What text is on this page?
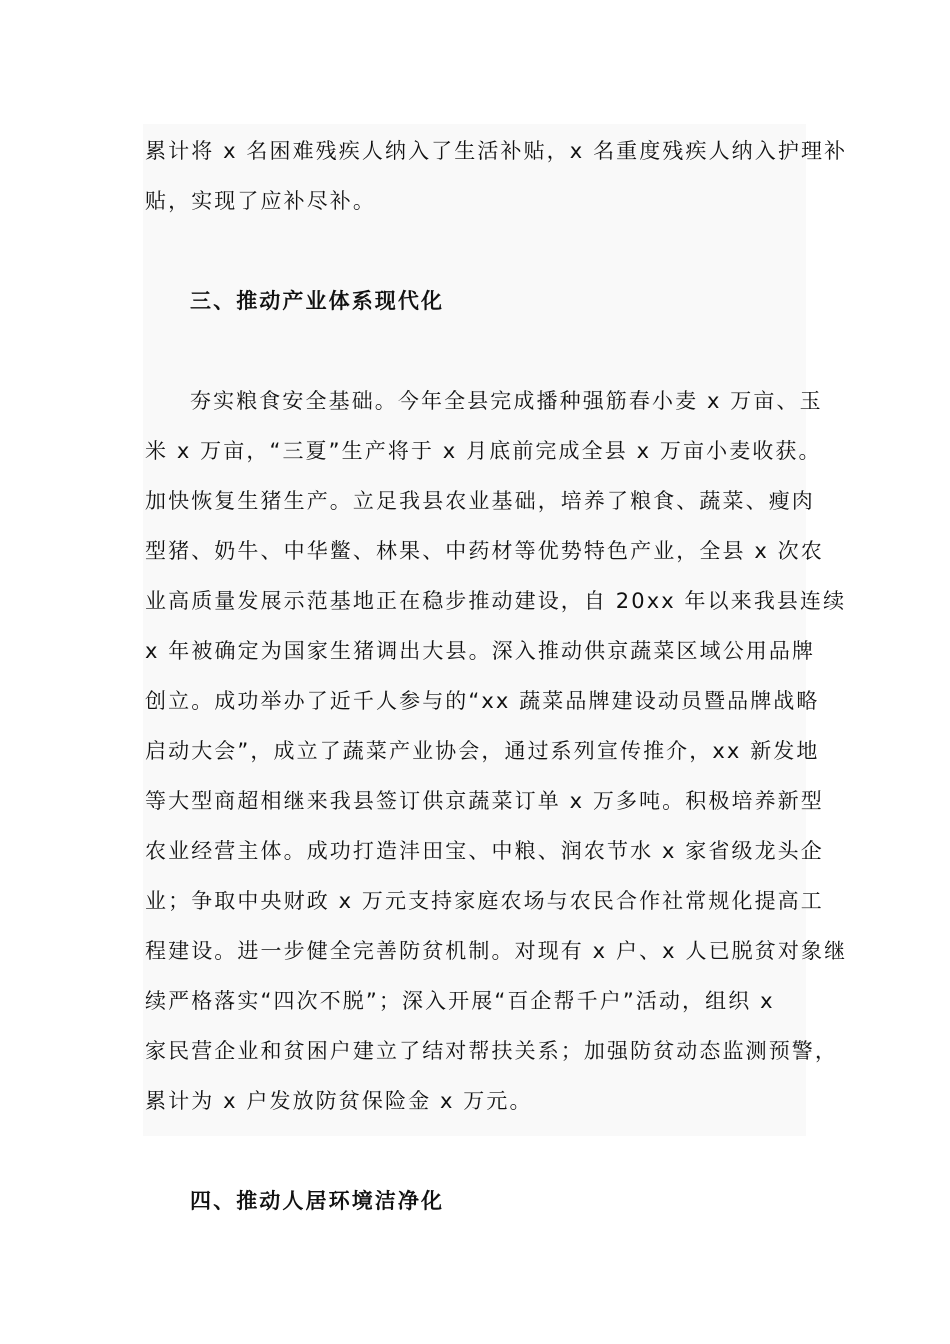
累计将 x 名困难残疾人纳入了生活补贴，x 名重度残疾人纳入护理补
贴，实现了应补尽补。
三、推动产业体系现代化
夯实粮食安全基础。今年全县完成播种强筋春小麦 x 万亩、玉
米 x 万亩，“三夏”生产将于 x 月底前完成全县 x 万亩小麦收获。
加快恢复生猪生产。立足我县农业基础，培养了粮食、蔬菜、瘦肉
型猪、奶牛、中华鳖、林果、中药材等优势特色产业，全县 x 次农
业高质量发展示范基地正在稳步推动建设，自 20xx 年以来我县连续
x 年被确定为国家生猪调出大县。深入推动供京蔬菜区域公用品牌
创立。成功举办了近千人参与的“xx 蔬菜品牌建设动员暨品牌战略
启动大会”，成立了蔬菜产业协会，通过系列宣传推介，xx 新发地
等大型商超相继来我县签订供京蔬菜订单 x 万多吨。积极培养新型
农业经营主体。成功打造沣田宝、中粮、润农节水 x 家省级龙头企
业；争取中央财政 x 万元支持家庭农场与农民合作社常规化提高工
程建设。进一步健全完善防贫机制。对现有 x 户、x 人已脱贫对象继
续严格落实“四次不脱”；深入开展“百企帮千户”活动，组织 x
家民营企业和贫困户建立了结对帮扶关系；加强防贫动态监测预警，
累计为 x 户发放防贫保险金 x 万元。
四、推动人居环境洁净化
